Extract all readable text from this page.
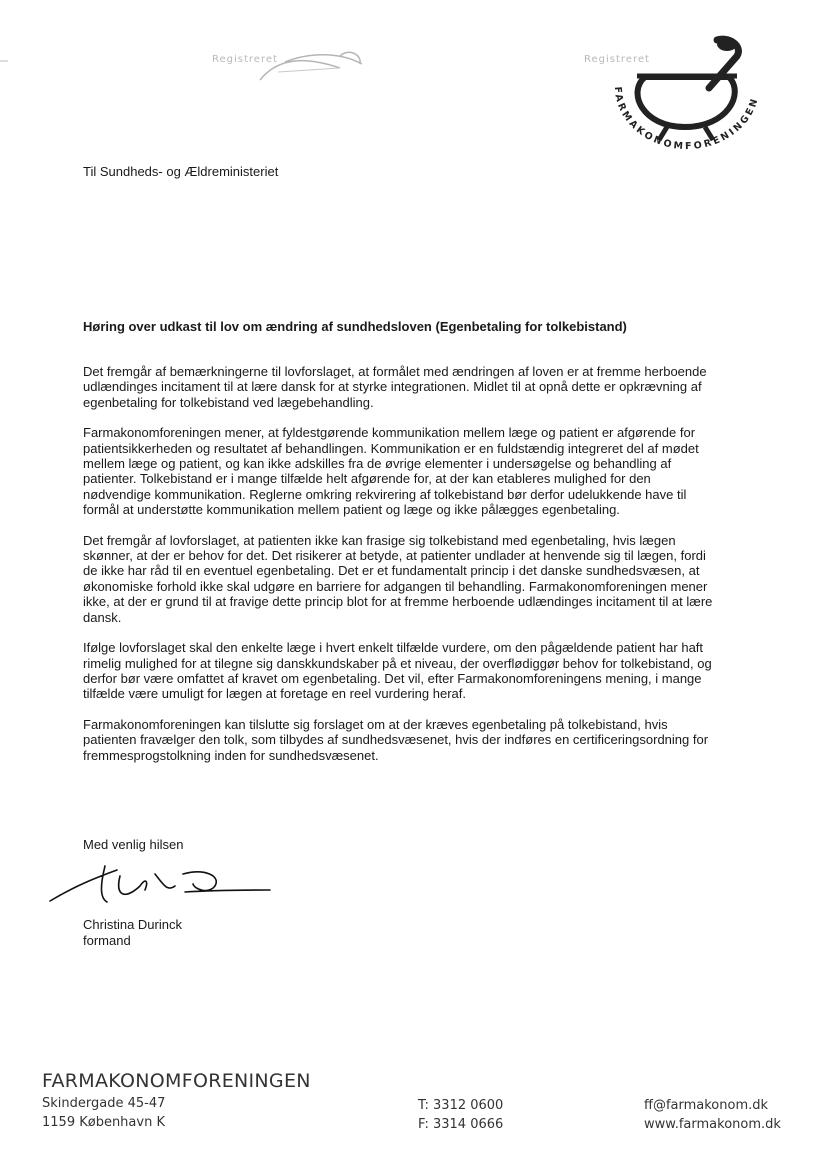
Registreret	Registreret
FARMAKONOMFORENINGEN
Til Sundheds- og Ældreministeriet
Høring over udkast til lov om ændring af sundhedsloven (Egenbetaling for tolkebistand)

Det fremgår af bemærkningerne til lovforslaget, at formålet med ændringen af loven er at fremme herboende udlændinges incitament til at lære dansk for at styrke integrationen. Midlet til at opnå dette er opkrævning af egenbetaling for tolkebistand ved lægebehandling.

Farmakonomforeningen mener, at fyldestgørende kommunikation mellem læge og patient er afgørende for patientsikkerheden og resultatet af behandlingen. Kommunikation er en fuldstændig integreret del af mødet mellem læge og patient, og kan ikke adskilles fra de øvrige elementer i undersøgelse og behandling af patienter. Tolkebistand er i mange tilfælde helt afgørende for, at der kan etableres mulighed for den nødvendige kommunikation. Reglerne omkring rekvirering af tolkebistand bør derfor udelukkende have til formål at understøtte kommunikation mellem patient og læge og ikke pålægges egenbetaling.

Det fremgår af lovforslaget, at patienten ikke kan frasige sig tolkebistand med egenbetaling, hvis lægen skønner, at der er behov for det. Det risikerer at betyde, at patienter undlader at henvende sig til lægen, fordi de ikke har råd til en eventuel egenbetaling. Det er et fundamentalt princip i det danske sundhedsvæsen, at økonomiske forhold ikke skal udgøre en barriere for adgangen til behandling. Farmakonomforeningen mener ikke, at der er grund til at fravige dette princip blot for at fremme herboende udlændinges incitament til at lære dansk.

Ifølge lovforslaget skal den enkelte læge i hvert enkelt tilfælde vurdere, om den pågældende patient har haft rimelig mulighed for at tilegne sig danskkundskaber på et niveau, der overflødiggør behov for tolkebistand, og derfor bør være omfattet af kravet om egenbetaling. Det vil, efter Farmakonomforeningens mening, i mange tilfælde være umuligt for lægen at foretage en reel vurdering heraf.

Farmakonomforeningen kan tilslutte sig forslaget om at der kræves egenbetaling på tolkebistand, hvis patienten fravælger den tolk, som tilbydes af sundhedsvæsenet, hvis der indføres en certificeringsordning for fremmesprogstolkning inden for sundhedsvæsenet.

Med venlig hilsen
Christina Durinck
formand
FARMAKONOMFORENINGEN
Skindergade 45-47
1159 København K
T: 3312 0600
F: 3314 0666
ff@farmakonom.dk
www.farmakonom.dk
